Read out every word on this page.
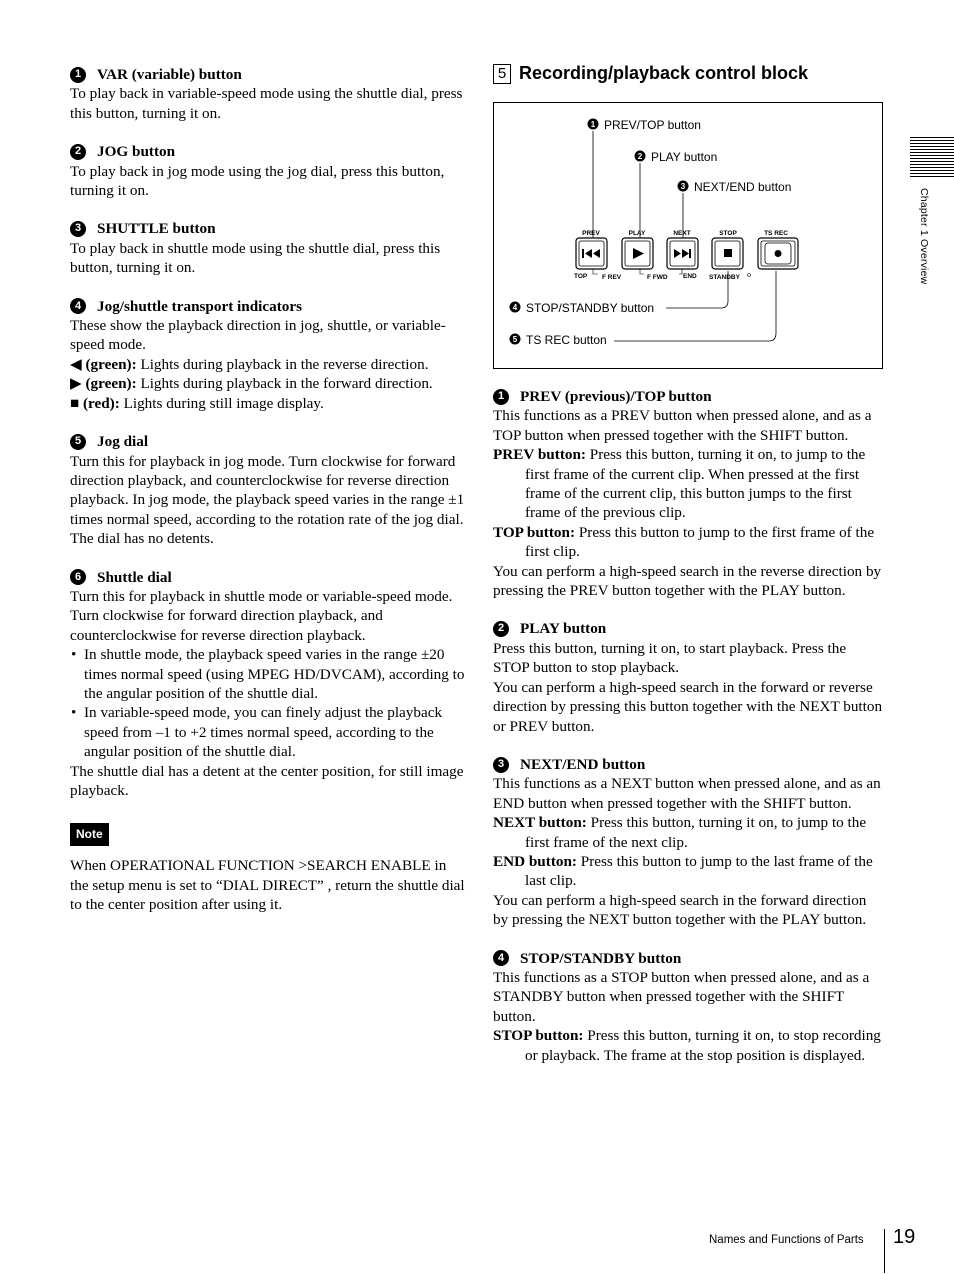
1	VAR (variable) button

To play back in variable-speed mode using the shuttle dial, press this button, turning it on.

2	JOG button

To play back in jog mode using the jog dial, press this button, turning it on.

3	SHUTTLE button

To play back in shuttle mode using the shuttle dial, press this button, turning it on.

4	Jog/shuttle transport indicators

These show the playback direction in jog, shuttle, or variable-speed mode.

◀ (green): Lights during playback in the reverse direction.

▶ (green): Lights during playback in the forward direction.

■ (red): Lights during still image display.

5	Jog dial

Turn this for playback in jog mode. Turn clockwise for forward direction playback, and counterclockwise for reverse direction playback. In jog mode, the playback speed varies in the range ±1 times normal speed, according to the rotation rate of the jog dial. The dial has no detents.

6	Shuttle dial

Turn this for playback in shuttle mode or variable-speed mode. Turn clockwise for forward direction playback, and counterclockwise for reverse direction playback.

• In shuttle mode, the playback speed varies in the range ±20 times normal speed (using MPEG HD/DVCAM), according to the angular position of the shuttle dial.

• In variable-speed mode, you can finely adjust the playback speed from –1 to +2 times normal speed, according to the angular position of the shuttle dial.

The shuttle dial has a detent at the center position, for still image playback.

Note

When OPERATIONAL FUNCTION >SEARCH ENABLE in the setup menu is set to “DIAL DIRECT” , return the shuttle dial to the center position after using it.

5 Recording/playback control block
1 PREV/TOP button
2 PLAY button
3 NEXT/END button
PREV	PLAY	NEXT	STOP	TS REC
TOP F REV	F FWD END STANDBY
4 STOP/STANDBY button
5 TS REC button
1	PREV (previous)/TOP button

This functions as a PREV button when pressed alone, and as a TOP button when pressed together with the SHIFT button.

PREV button: Press this button, turning it on, to jump to the first frame of the current clip. When pressed at the first frame of the current clip, this button jumps to the first frame of the previous clip.

TOP button: Press this button to jump to the first frame of the first clip.

You can perform a high-speed search in the reverse direction by pressing the PREV button together with the PLAY button.

2	PLAY button

Press this button, turning it on, to start playback. Press the STOP button to stop playback.

You can perform a high-speed search in the forward or reverse direction by pressing this button together with the NEXT button or PREV button.

3	NEXT/END button

This functions as a NEXT button when pressed alone, and as an END button when pressed together with the SHIFT button.

NEXT button: Press this button, turning it on, to jump to the first frame of the next clip.

END button: Press this button to jump to the last frame of the last clip.

You can perform a high-speed search in the forward direction by pressing the NEXT button together with the PLAY button.

4	STOP/STANDBY button

This functions as a STOP button when pressed alone, and as a STANDBY button when pressed together with the SHIFT button.

STOP button: Press this button, turning it on, to stop recording or playback. The frame at the stop position is displayed.

Chapter 1 Overview
Names and Functions of Parts 19
